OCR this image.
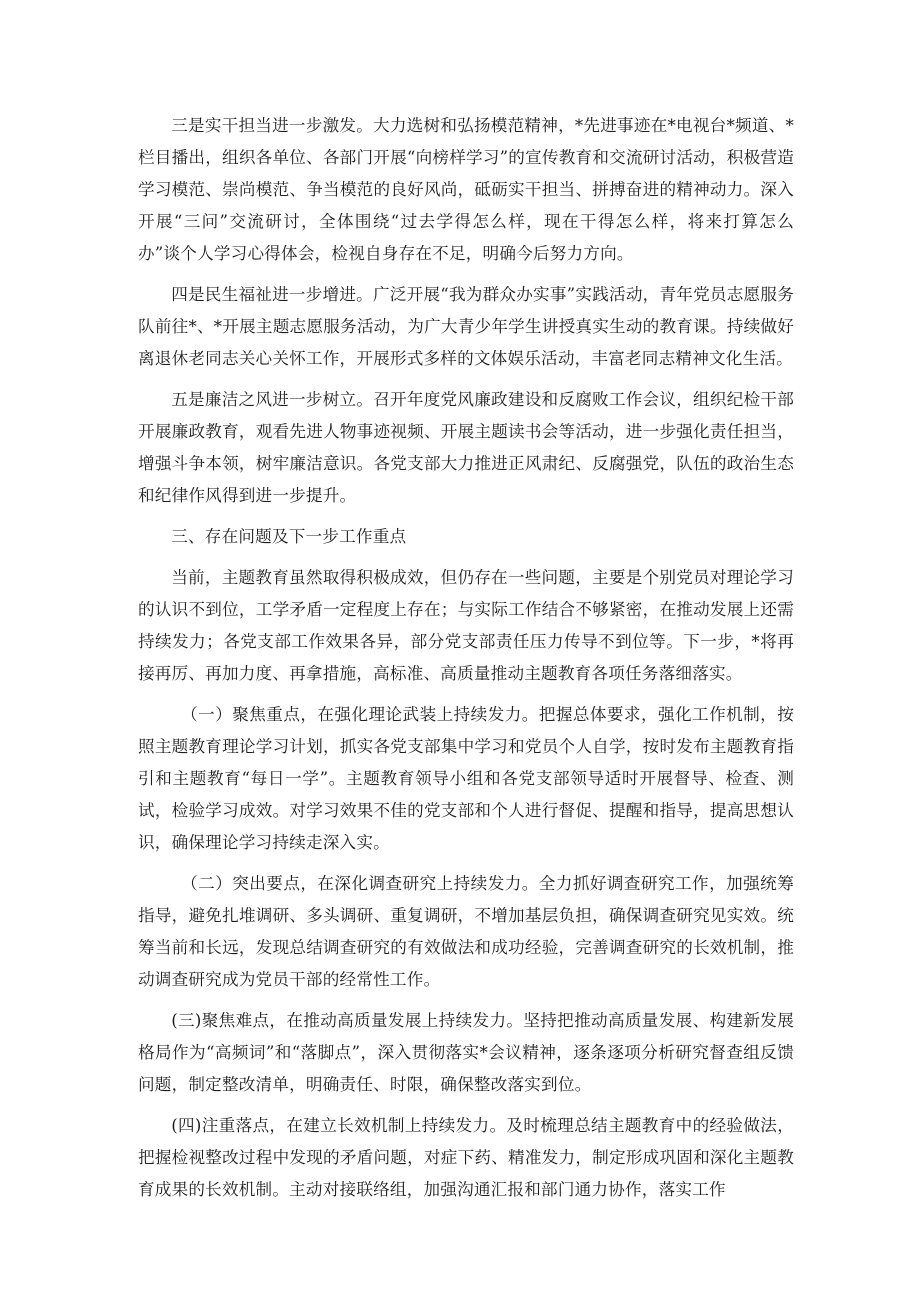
三是实干担当进一步激发。大力选树和弘扬模范精神，*先进事迹在*电视台*频道、*栏目播出，组织各单位、各部门开展“向榜样学习”的宣传教育和交流研讨活动，积极营造学习模范、崇尚模范、争当模范的良好风尚，砥砺实干担当、拼搏奋进的精神动力。深入开展“三问”交流研讨，全体围绕“过去学得怎么样，现在干得怎么样，将来打算怎么办”谈个人学习心得体会，检视自身存在不足，明确今后努力方向。

四是民生福祉进一步增进。广泛开展“我为群众办实事”实践活动，青年党员志愿服务队前往*、*开展主题志愿服务活动，为广大青少年学生讲授真实生动的教育课。持续做好离退休老同志关心关怀工作，开展形式多样的文体娱乐活动，丰富老同志精神文化生活。

五是廉洁之风进一步树立。召开年度党风廉政建设和反腐败工作会议，组织纪检干部开展廉政教育，观看先进人物事迹视频、开展主题读书会等活动，进一步强化责任担当，增强斗争本领，树牢廉洁意识。各党支部大力推进正风肃纪、反腐强党，队伍的政治生态和纪律作风得到进一步提升。

三、存在问题及下一步工作重点

当前，主题教育虽然取得积极成效，但仍存在一些问题，主要是个别党员对理论学习的认识不到位，工学矛盾一定程度上存在；与实际工作结合不够紧密，在推动发展上还需持续发力；各党支部工作效果各异，部分党支部责任压力传导不到位等。下一步，*将再接再厉、再加力度、再拿措施，高标准、高质量推动主题教育各项任务落细落实。

（一）聚焦重点，在强化理论武装上持续发力。把握总体要求，强化工作机制，按照主题教育理论学习计划，抓实各党支部集中学习和党员个人自学，按时发布主题教育指引和主题教育“每日一学”。主题教育领导小组和各党支部领导适时开展督导、检查、测试，检验学习成效。对学习效果不佳的党支部和个人进行督促、提醒和指导，提高思想认识，确保理论学习持续走深入实。

（二）突出要点，在深化调查研究上持续发力。全力抓好调查研究工作，加强统筹指导，避免扎堆调研、多头调研、重复调研，不增加基层负担，确保调查研究见实效。统筹当前和长远，发现总结调查研究的有效做法和成功经验，完善调查研究的长效机制，推动调查研究成为党员干部的经常性工作。

(三)聚焦难点，在推动高质量发展上持续发力。坚持把推动高质量发展、构建新发展格局作为“高频词”和“落脚点”，深入贯彻落实*会议精神，逐条逐项分析研究督查组反馈问题，制定整改清单，明确责任、时限，确保整改落实到位。

(四)注重落点，在建立长效机制上持续发力。及时梳理总结主题教育中的经验做法，把握检视整改过程中发现的矛盾问题，对症下药、精准发力，制定形成巩固和深化主题教育成果的长效机制。主动对接联络组，加强沟通汇报和部门通力协作，落实工作
